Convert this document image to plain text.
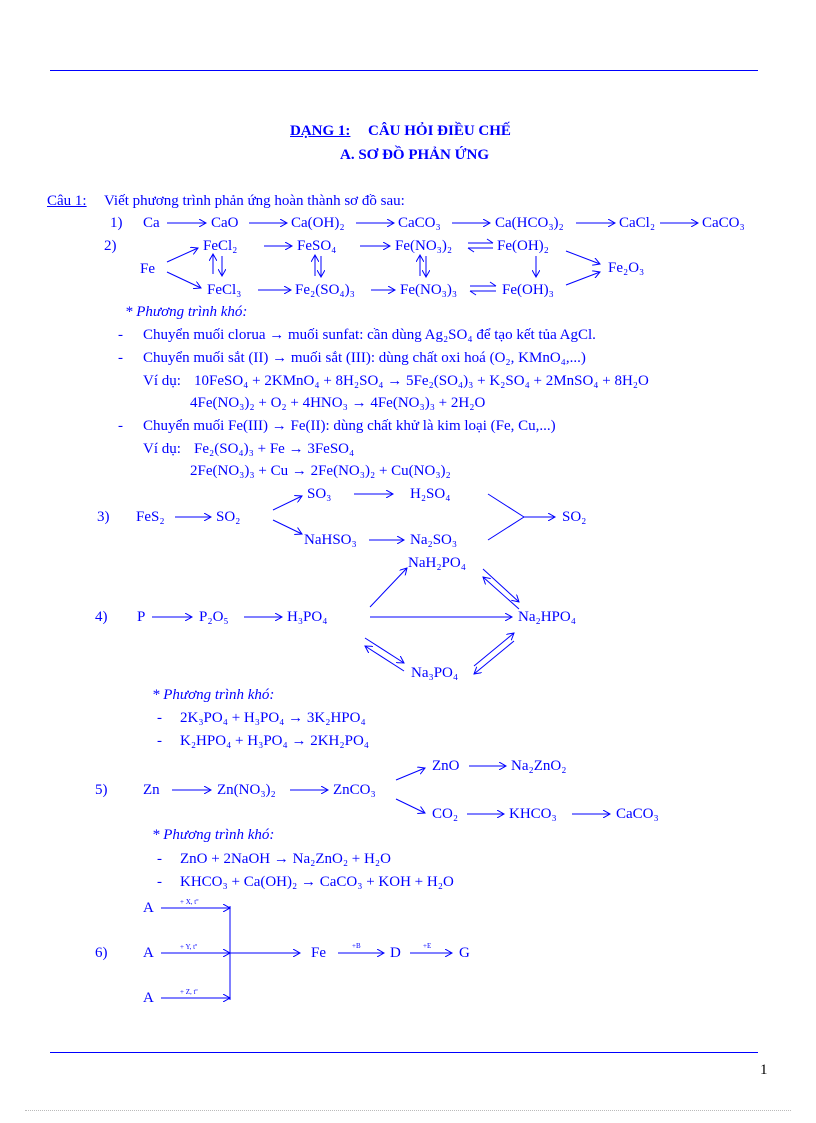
DẠNG 1: CÂU HỎI ĐIỀU CHẾ
A. SƠ ĐỒ PHẢN ỨNG
Câu 1: Viết phương trình phản ứng hoàn thành sơ đồ sau:
1) Ca	CaO	Ca(OH)₂	CaCO₃	Ca(HCO₃)₂	CaCl₂	CaCO₃
2)
Fe
FeCl₂	FeSO₄	Fe(NO₃)₂	Fe(OH)₂
FeCl₃	Fe₂(SO₄)₃	Fe(NO₃)₃	Fe(OH)₃
Fe₂O₃
* Phương trình khó:
- Chuyển muối clorua → muối sunfat: cần dùng Ag₂SO₄ để tạo kết tủa AgCl.
- Chuyển muối sắt (II) → muối sắt (III): dùng chất oxi hoá (O₂, KMnO₄,...)
Ví dụ: 10FeSO₄ + 2KMnO₄ + 8H₂SO₄ → 5Fe₂(SO₄)₃ + K₂SO₄ + 2MnSO₄ + 8H₂O
4Fe(NO₃)₂ + O₂ + 4HNO₃ → 4Fe(NO₃)₃ + 2H₂O
- Chuyển muối Fe(III) → Fe(II): dùng chất khử là kim loại (Fe, Cu,...)
Ví dụ: Fe₂(SO₄)₃ + Fe → 3FeSO₄
2Fe(NO₃)₃ + Cu → 2Fe(NO₃)₂ + Cu(NO₃)₂
3) FeS₂	SO₂
SO₃	H₂SO₄
NaHSO₃	Na₂SO₃
SO₂
4) P	P₂O₅	H₃PO₄
NaH₂PO₄
Na₂HPO₄
Na₃PO₄
* Phương trình khó:
- 2K₃PO₄ + H₃PO₄ → 3K₂HPO₄
- K₂HPO₄ + H₃PO₄ → 2KH₂PO₄
5) Zn	Zn(NO₃)₂	ZnCO₃
ZnO	Na₂ZnO₂
CO₂	KHCO₃	CaCO₃
* Phương trình khó:
- ZnO + 2NaOH → Na₂ZnO₂ + H₂O
- KHCO₃ + Ca(OH)₂ → CaCO₃ + KOH + H₂O
A
6) A
A
+ X, tº
+ Y, tº
+ Z, tº
Fe	+B D	+E G
1
